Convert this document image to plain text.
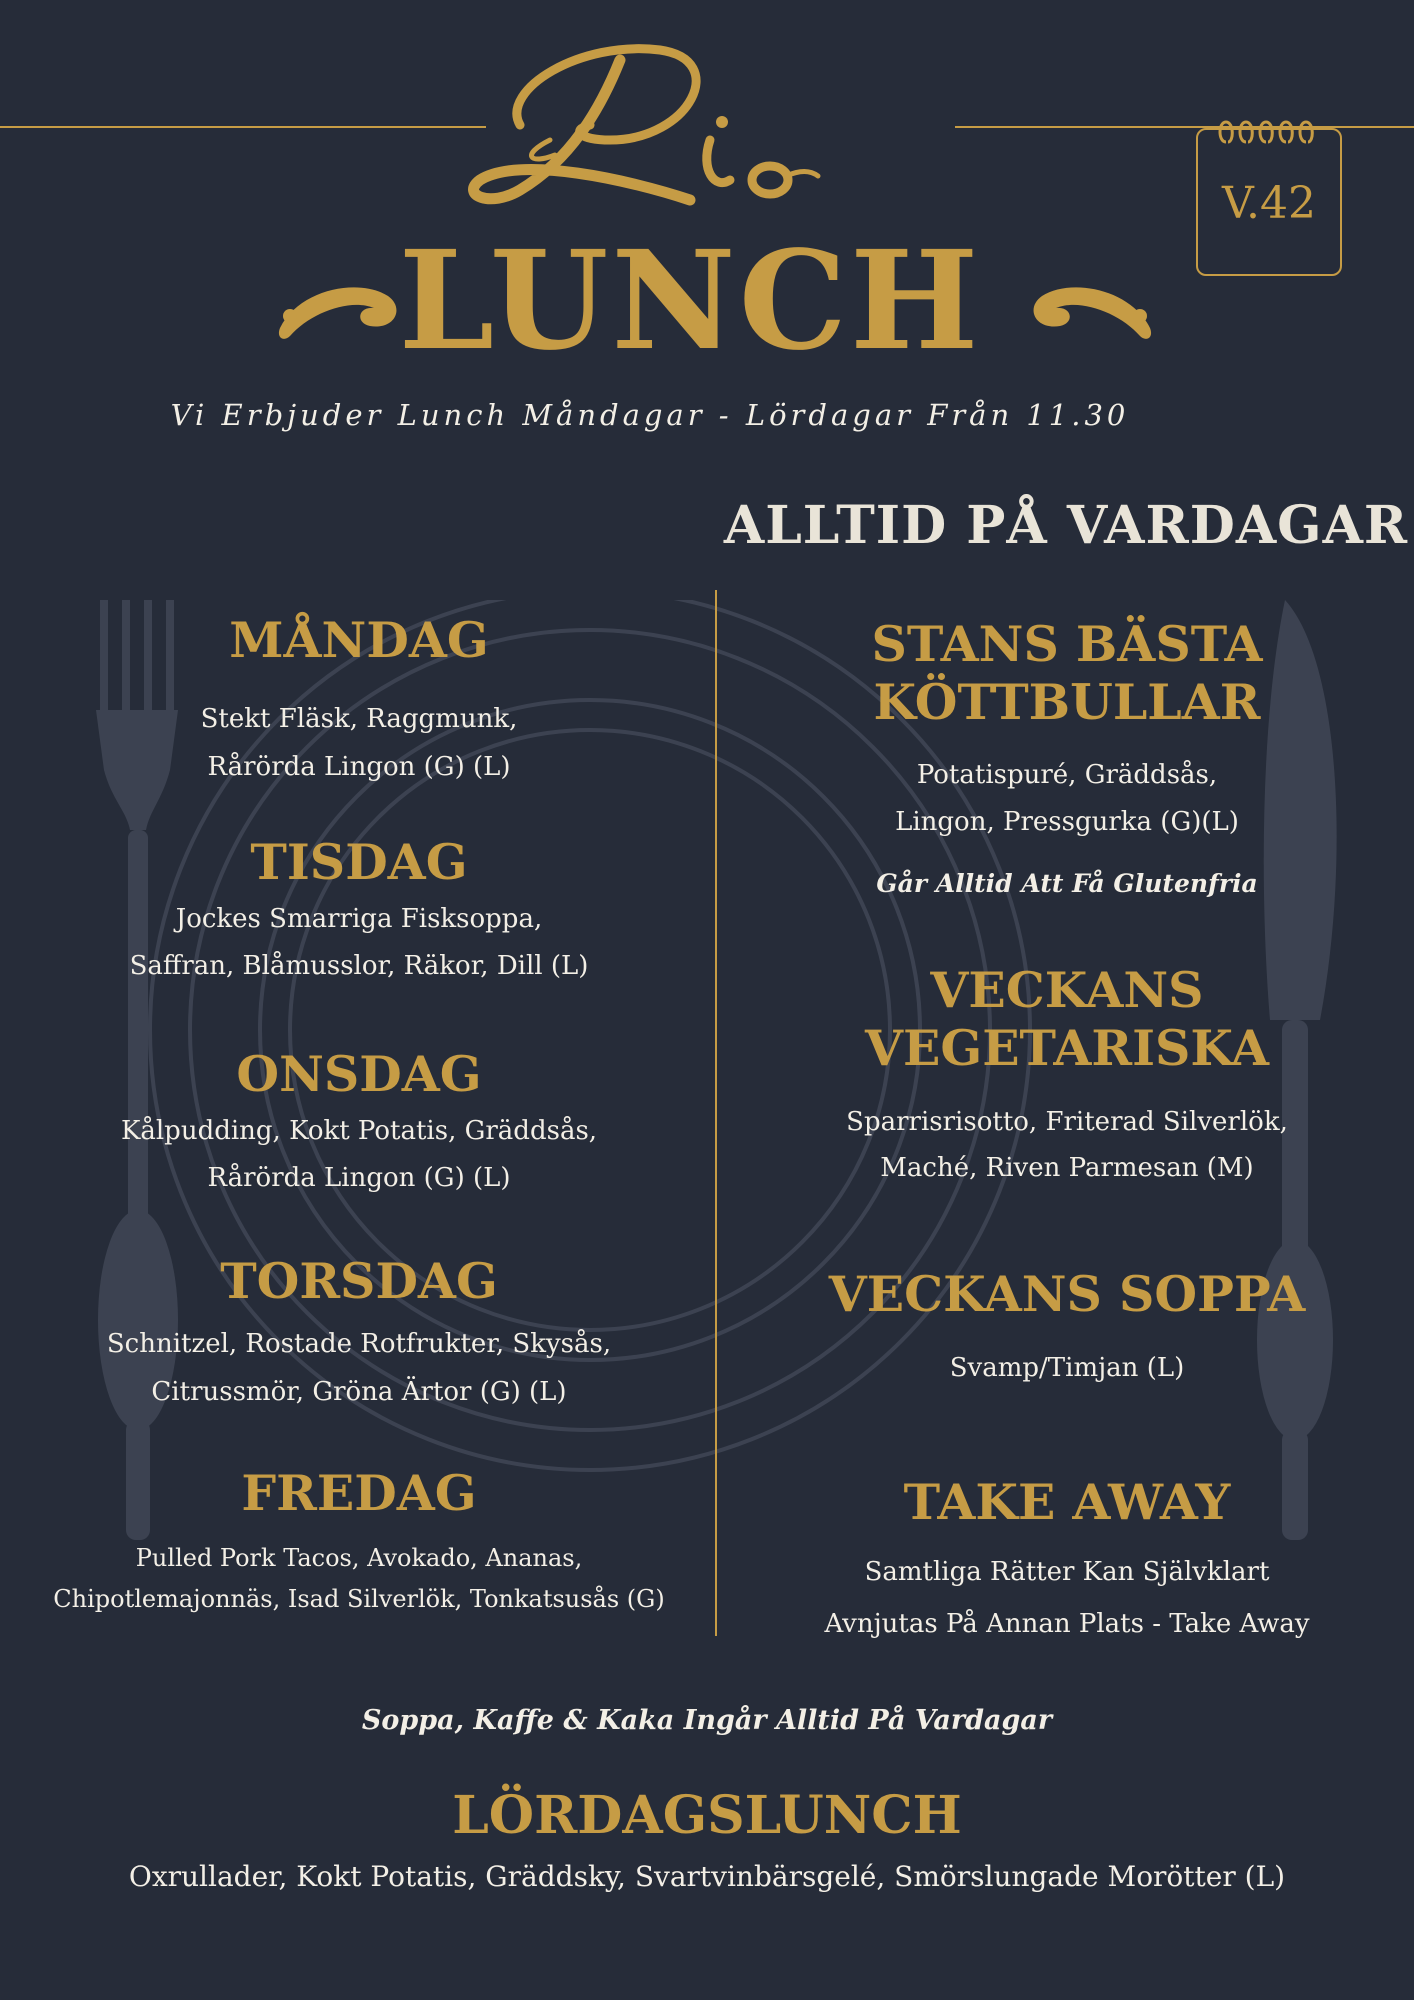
V.42
LUNCH
Vi Erbjuder Lunch Måndagar - Lördagar Från 11.30
ALLTID PÅ VARDAGAR
MÅNDAG
Stekt Fläsk, Raggmunk,
Rårörda Lingon (G) (L)
TISDAG
Jockes Smarriga Fisksoppa,
Saffran, Blåmusslor, Räkor, Dill (L)
ONSDAG
Kålpudding, Kokt Potatis, Gräddsås,
Rårörda Lingon (G) (L)
TORSDAG
Schnitzel, Rostade Rotfrukter, Skysås,
Citrussmör, Gröna Ärtor (G) (L)
FREDAG
Pulled Pork Tacos, Avokado, Ananas,
Chipotlemajonnäs, Isad Silverlök, Tonkatsusås (G)
STANS BÄSTA
KÖTTBULLAR
Potatispuré, Gräddsås,
Lingon, Pressgurka (G)(L)
Går Alltid Att Få Glutenfria
VECKANS
VEGETARISKA
Sparrisrisotto, Friterad Silverlök,
Maché, Riven Parmesan (M)
VECKANS SOPPA
Svamp/Timjan (L)
TAKE AWAY
Samtliga Rätter Kan Självklart
Avnjutas På Annan Plats - Take Away
Soppa, Kaffe & Kaka Ingår Alltid På Vardagar
LÖRDAGSLUNCH
Oxrullader, Kokt Potatis, Gräddsky, Svartvinbärsgelé, Smörslungade Morötter (L)
